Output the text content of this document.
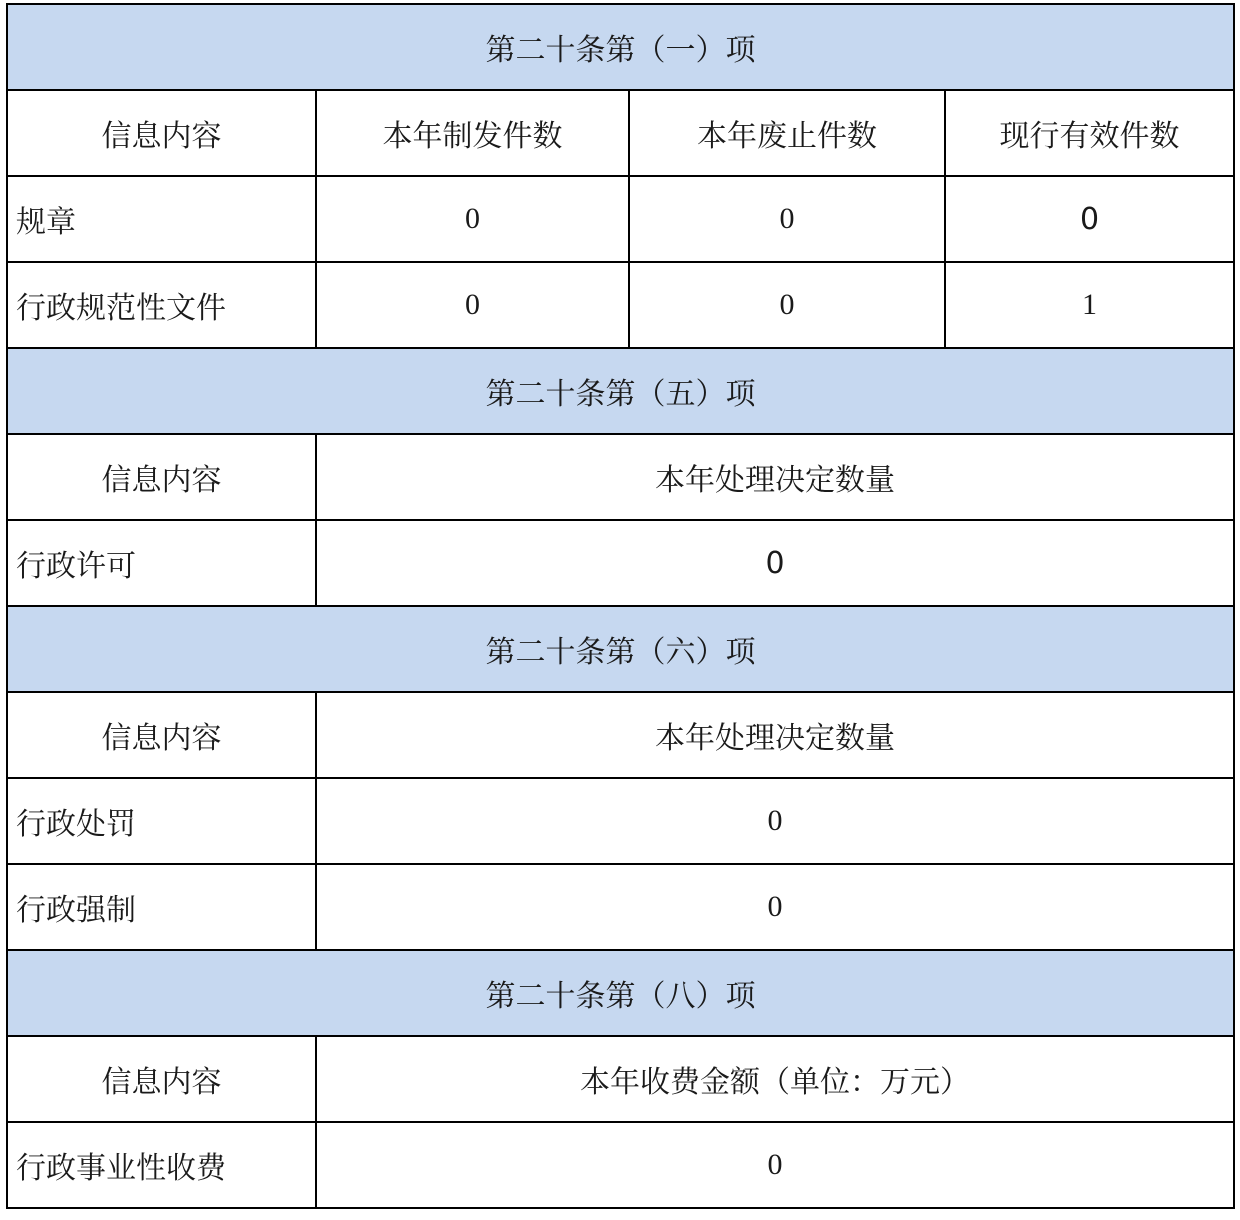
第二十条第（一）项			
信息内容	本年制发件数	本年废止件数	现行有效件数
规章	0	0	0
行政规范性文件	0	0	1
第二十条第（五）项			
信息内容	本年处理决定数量		
行政许可	0		
第二十条第（六）项			
信息内容	本年处理决定数量		
行政处罚	0		
行政强制	0		
第二十条第（八）项			
信息内容	本年收费金额（单位：万元）		
行政事业性收费	0		
